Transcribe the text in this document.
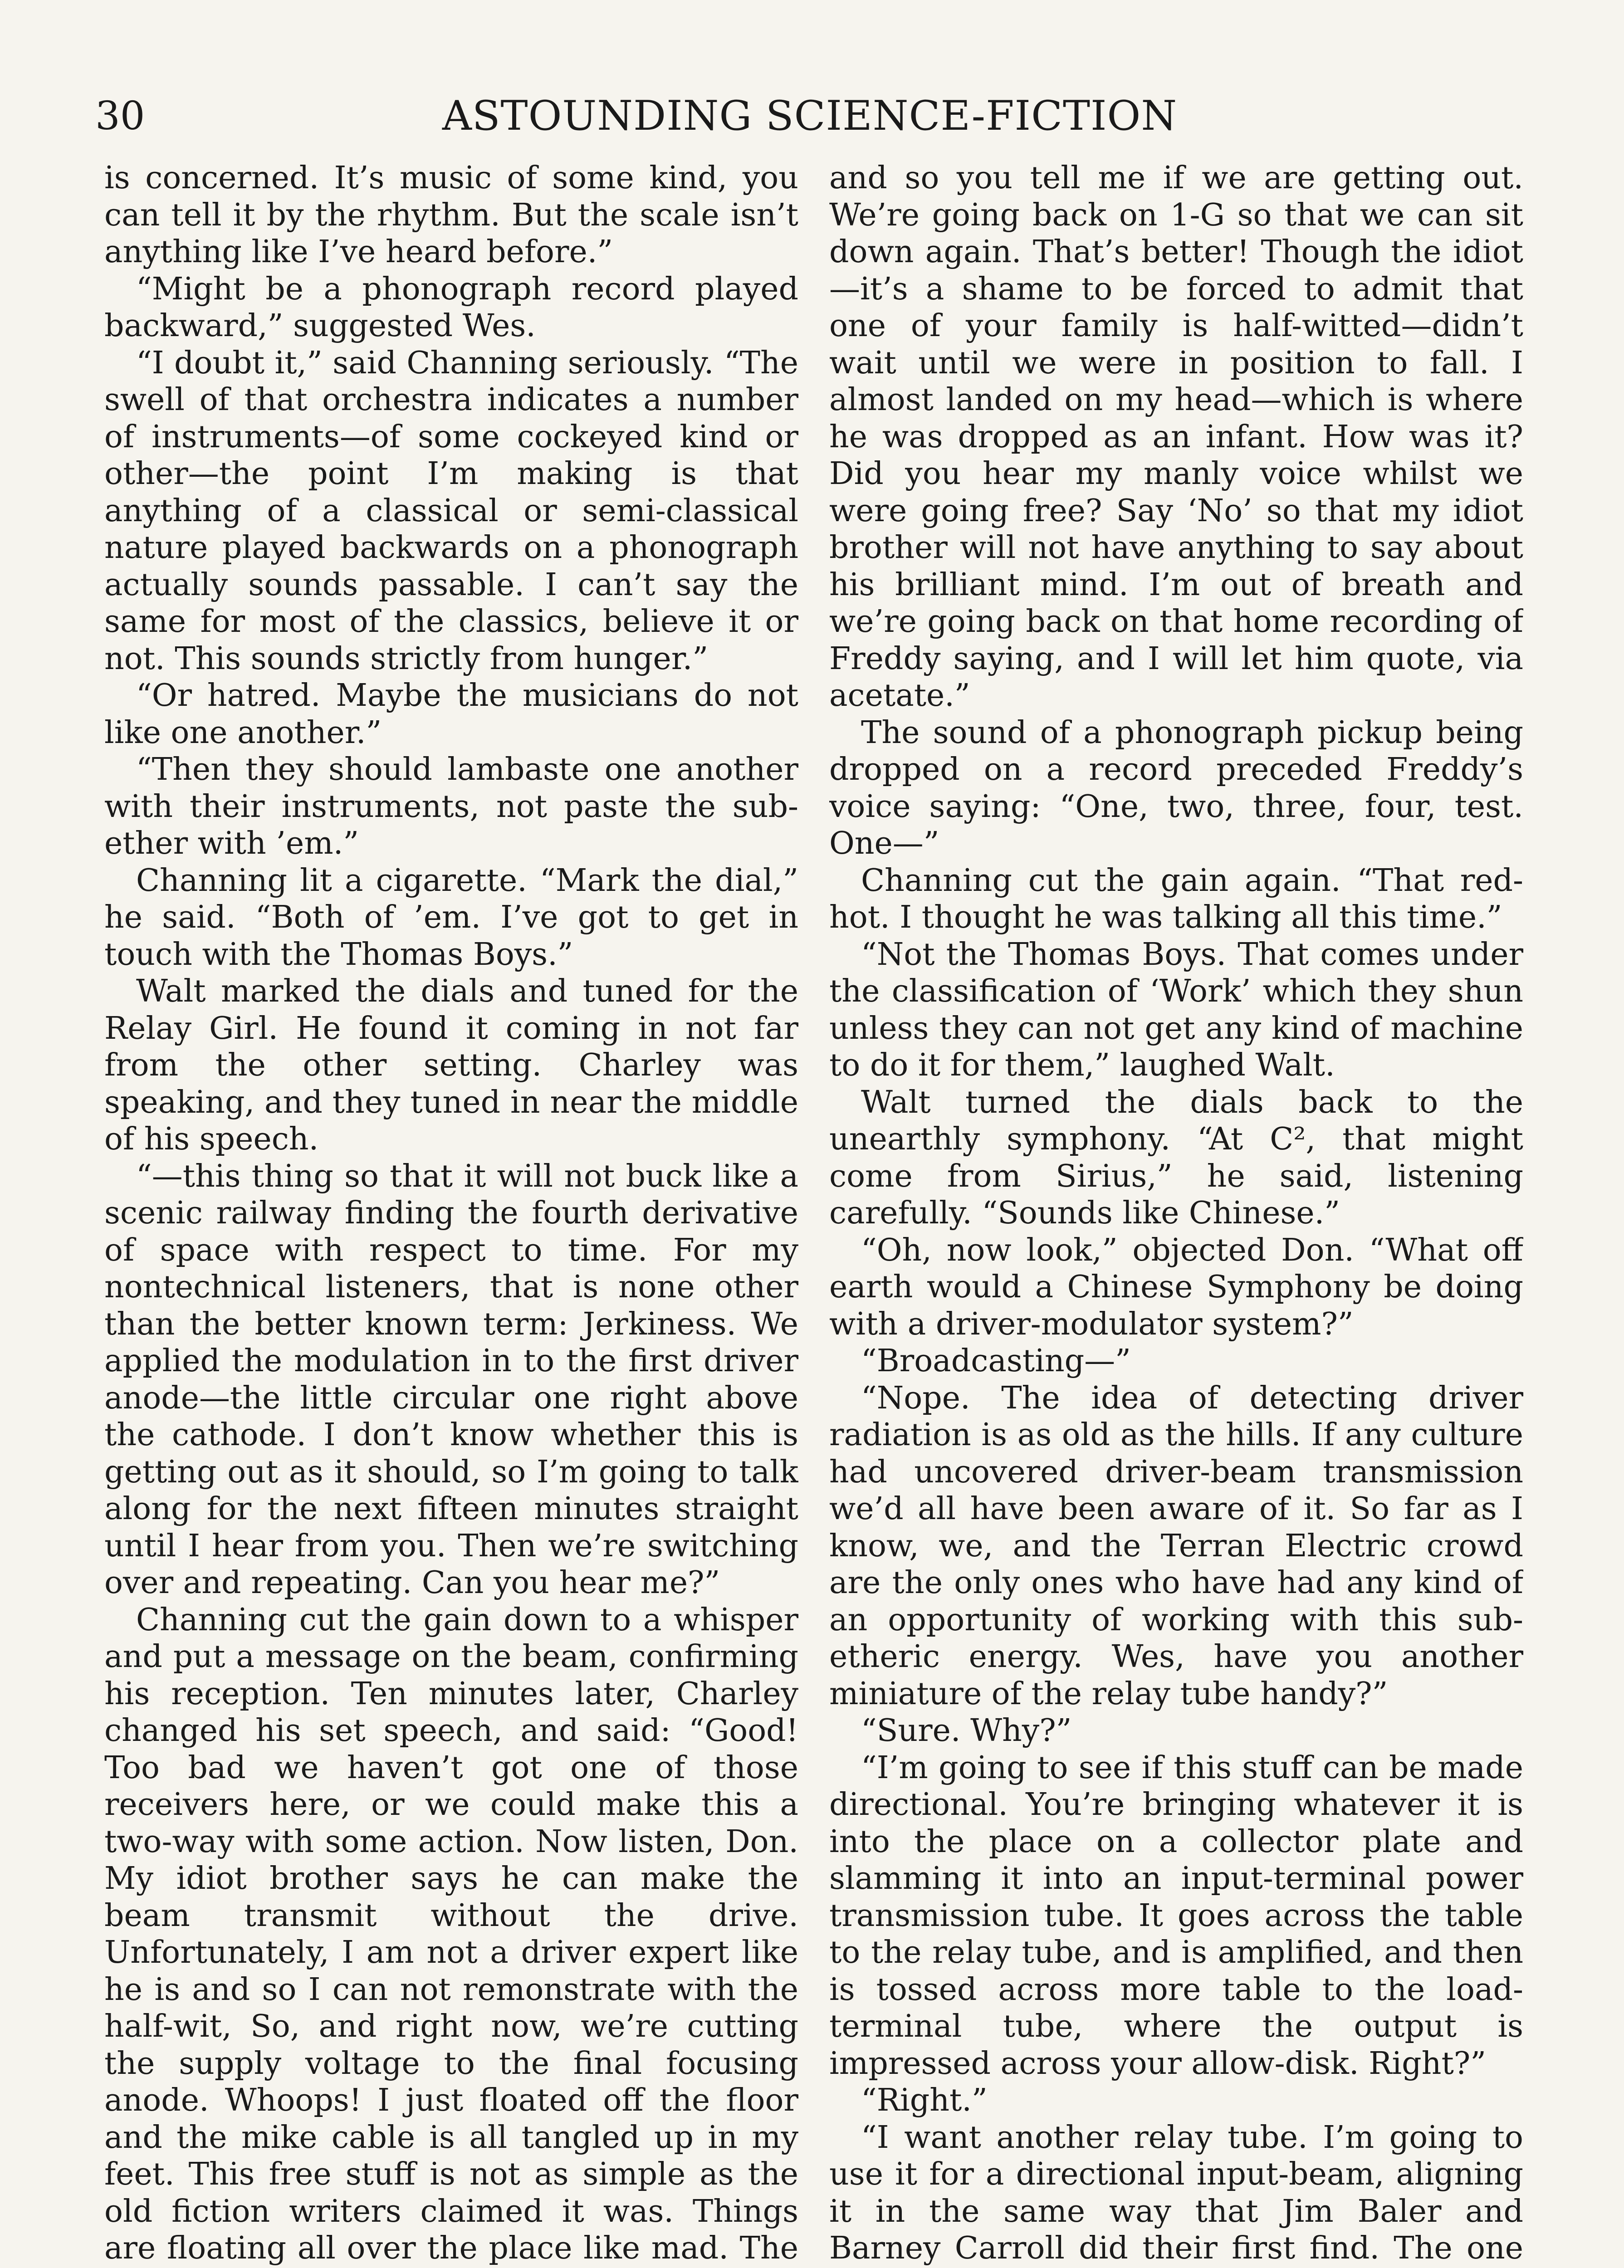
30	ASTOUNDING SCIENCE-FICTION

is concerned. It’s music of some kind, you can tell it by the rhythm. But the scale isn’t anything like I’ve heard before.”

“Might be a phonograph record played backward,” suggested Wes.

“I doubt it,” said Channing seriously. “The swell of that orchestra indicates a number of instruments—of some cockeyed kind or other—the point I’m making is that anything of a classical or semi-classical nature played backwards on a phonograph actually sounds passable. I can’t say the same for most of the classics, believe it or not. This sounds strictly from hunger.”

“Or hatred. Maybe the musicians do not like one another.”

“Then they should lambaste one another with their instruments, not paste the sub-ether with ’em.”

Channing lit a cigarette. “Mark the dial,” he said. “Both of ’em. I’ve got to get in touch with the Thomas Boys.”

Walt marked the dials and tuned for the Relay Girl. He found it coming in not far from the other setting. Charley was speaking, and they tuned in near the middle of his speech.

“—this thing so that it will not buck like a scenic railway finding the fourth derivative of space with respect to time. For my nontechnical listeners, that is none other than the better known term: Jerkiness. We applied the modulation in to the first driver anode—the little circular one right above the cathode. I don’t know whether this is getting out as it should, so I’m going to talk along for the next fifteen minutes straight until I hear from you. Then we’re switching over and repeating. Can you hear me?”

Channing cut the gain down to a whisper and put a message on the beam, confirming his reception. Ten minutes later, Charley changed his set speech, and said: “Good! Too bad we haven’t got one of those receivers here, or we could make this a two-way with some action. Now listen, Don. My idiot brother says he can make the beam transmit without the drive. Unfortunately, I am not a driver expert like he is and so I can not remonstrate with the half-wit, So, and right now, we’re cutting the supply voltage to the final focusing anode. Whoops! I just floated off the floor and the mike cable is all tangled up in my feet. This free stuff is not as simple as the old fiction writers claimed it was. Things are floating all over the place like mad. The

and so you tell me if we are getting out. We’re going back on 1-G so that we can sit down again. That’s better! Though the idiot—it’s a shame to be forced to admit that one of your family is half-witted—didn’t wait until we were in position to fall. I almost landed on my head—which is where he was dropped as an infant. How was it? Did you hear my manly voice whilst we were going free? Say ‘No’ so that my idiot brother will not have anything to say about his brilliant mind. I’m out of breath and we’re going back on that home recording of Freddy saying, and I will let him quote, via acetate.”

The sound of a phonograph pickup being dropped on a record preceded Freddy’s voice saying: “One, two, three, four, test. One—”

Channing cut the gain again. “That red-hot. I thought he was talking all this time.”

“Not the Thomas Boys. That comes under the classification of ‘Work’ which they shun unless they can not get any kind of machine to do it for them,” laughed Walt.

Walt turned the dials back to the unearthly symphony. “At C², that might come from Sirius,” he said, listening carefully. “Sounds like Chinese.”

“Oh, now look,” objected Don. “What off earth would a Chinese Symphony be doing with a driver-modulator system?”

“Broadcasting—”

“Nope. The idea of detecting driver radiation is as old as the hills. If any culture had uncovered driver-beam transmission we’d all have been aware of it. So far as I know, we, and the Terran Electric crowd are the only ones who have had any kind of an opportunity of working with this sub-etheric energy. Wes, have you another miniature of the relay tube handy?”

“Sure. Why?”

“I’m going to see if this stuff can be made directional. You’re bringing whatever it is into the place on a collector plate and slamming it into an input-terminal power transmission tube. It goes across the table to the relay tube, and is amplified, and then is tossed across more table to the load-terminal tube, where the output is impressed across your allow-disk. Right?”

“Right.”

“I want another relay tube. I’m going to use it for a directional input-beam, aligning it in the same way that Jim Baler and Barney Carroll did their first find. The one
